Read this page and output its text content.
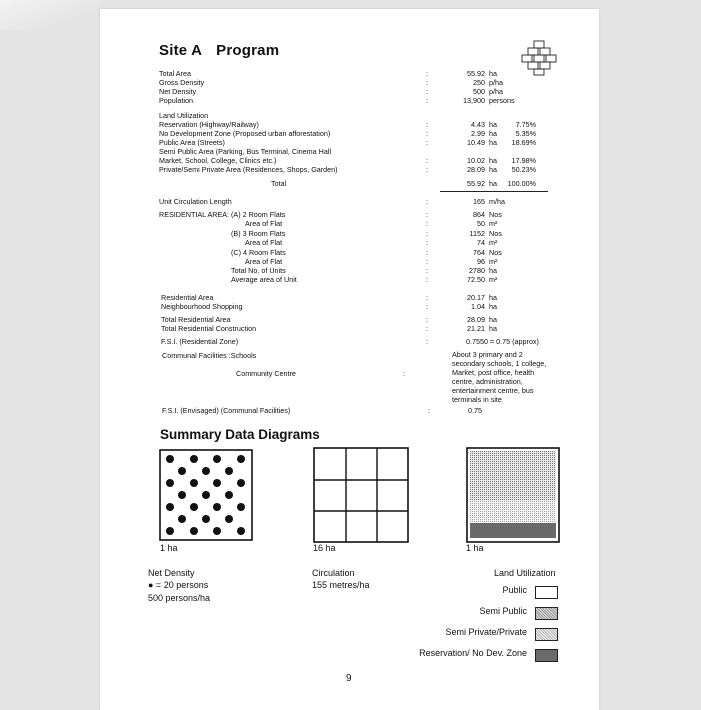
Site A Program
Total Area	:	55.92 ha
Gross Density	:	250 p/ha
Net Density	:	500 p/ha
Population	:	13,900 persons
Land Utilization
Reservation (Highway/Railway)	:	4.43 ha	7.75%
No Development Zone (Proposed urban afforestation)	:	2.99 ha	5.35%
Public Area (Streets)	:	10.49 ha	18.69%
Semi Public Area (Parking, Bus Terminal, Cinema Hall
Market, School, College, Clinics etc.)	:	10.02 ha	17.98%
Private/Semi Private Area (Residences, Shops, Garden)	:	28.09 ha	50.23%
Total	55.92 ha	100.00%
Unit Circulation Length	:	165 m/ha
RESIDENTIAL AREA: (A) 2 Room Flats	:	864 Nos
Area of Flat	:	50 m²
(B) 3 Room Flats	:	1152 Nos
Area of Flat	:	74 m²
(C) 4 Room Flats	:	764 Nos
Area of Flat	:	96 m²
Total No. of Units	:	2780 ha
Average area of Unit	:	72.50 m²
Residential Area	:	20.17 ha
Neighbourhood Shopping	:	1.04 ha
Total Residential Area	:	28.09 ha
Total Residential Construction	:	21.21 ha
F.S.I. (Residential Zone)	:	0.7550 = 0.75 (approx)
Communal Facilities :Schools
Community Centre	:
About 3 primary and 2
secondary schools, 1 college,
Market, post office, health
centre, administration,
entertainment centre, bus
terminals in site
F.S.I. (Envisaged) (Communal Facilities)	:	0.75
Summary Data Diagrams
1 ha	16 ha	1 ha
Net Density
● = 20 persons
500 persons/ha
Circulation
155 metres/ha
Land Utilization
Public
Semi Public
Semi Private/Private
Reservation/ No Dev. Zone
9
